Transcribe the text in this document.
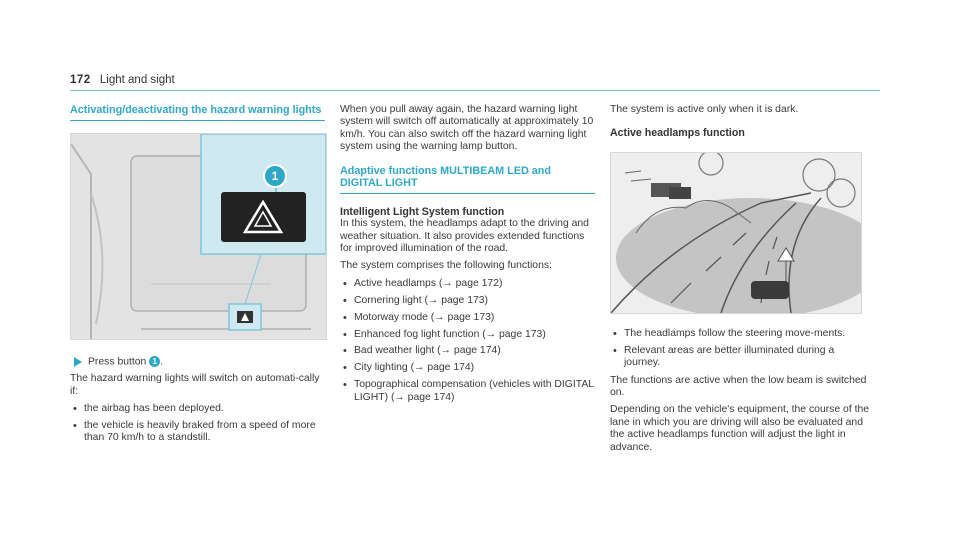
172 Light and sight
Activating/deactivating the hazard warning lights
1

Press button 1 .

The hazard warning lights will switch on automati-cally if:

• the airbag has been deployed.
• the vehicle is heavily braked from a speed of more than 70 km/h to a standstill.

When you pull away again, the hazard warning light system will switch off automatically at approximately 10 km/h. You can also switch off the hazard warning light system using the warning lamp button.

Adaptive functions MULTIBEAM LED and DIGITAL LIGHT
Intelligent Light System function

In this system, the headlamps adapt to the driving and weather situation. It also provides extended functions for improved illumination of the road.

The system comprises the following functions:

• Active headlamps (→ page 172)
• Cornering light (→ page 173)
• Motorway mode (→ page 173)
• Enhanced fog light function (→ page 173)
• Bad weather light (→ page 174)
• City lighting (→ page 174)
• Topographical compensation (vehicles with DIGITAL LIGHT) (→ page 174)

The system is active only when it is dark.

Active headlamps function
• The headlamps follow the steering move-ments.
• Relevant areas are better illuminated during a journey.

The functions are active when the low beam is switched on.

Depending on the vehicle's equipment, the course of the lane in which you are driving will also be evaluated and the active headlamps function will adjust the light in advance.
